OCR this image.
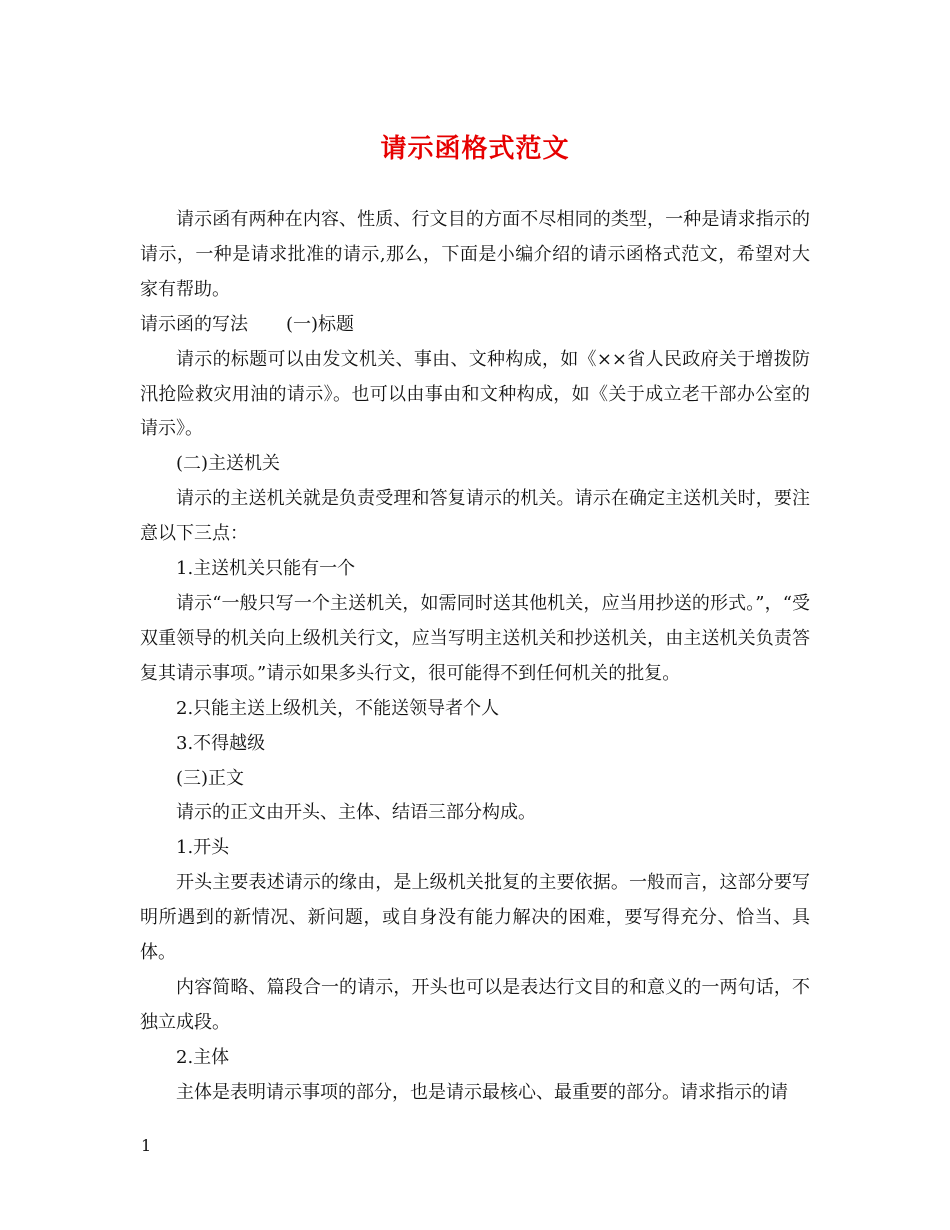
请示函格式范文

请示函有两种在内容、性质、行文目的方面不尽相同的类型，一种是请求指示的请示，一种是请求批准的请示,那么，下面是小编介绍的请示函格式范文，希望对大家有帮助。

请示函的写法 (一)标题

请示的标题可以由发文机关、事由、文种构成，如《××省人民政府关于增拨防汛抢险救灾用油的请示》。也可以由事由和文种构成，如《关于成立老干部办公室的请示》。

(二)主送机关

请示的主送机关就是负责受理和答复请示的机关。请示在确定主送机关时，要注意以下三点：

1.主送机关只能有一个

请示“一般只写一个主送机关，如需同时送其他机关，应当用抄送的形式。”，“受双重领导的机关向上级机关行文，应当写明主送机关和抄送机关，由主送机关负责答复其请示事项。”请示如果多头行文，很可能得不到任何机关的批复。

2.只能主送上级机关，不能送领导者个人

3.不得越级

(三)正文

请示的正文由开头、主体、结语三部分构成。

1.开头

开头主要表述请示的缘由，是上级机关批复的主要依据。一般而言，这部分要写明所遇到的新情况、新问题，或自身没有能力解决的困难，要写得充分、恰当、具体。

内容简略、篇段合一的请示，开头也可以是表达行文目的和意义的一两句话，不独立成段。

2.主体

主体是表明请示事项的部分，也是请示最核心、最重要的部分。请求指示的请

1
